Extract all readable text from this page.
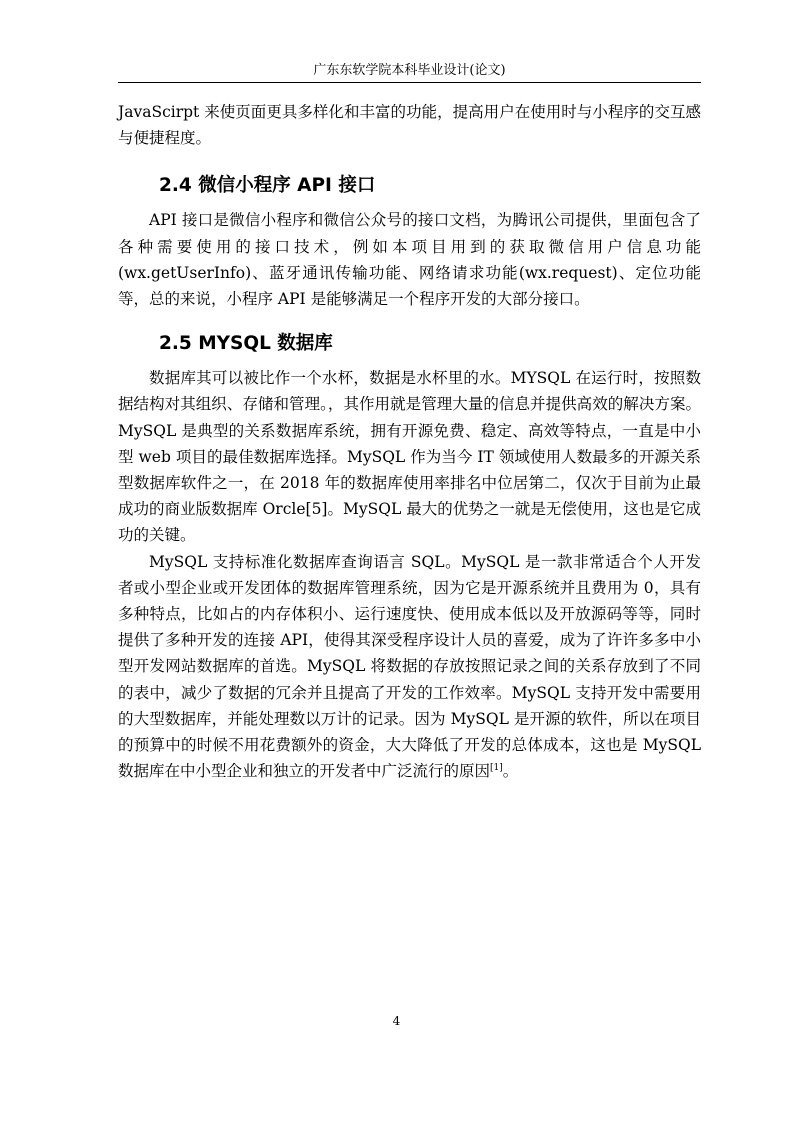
广东东软学院本科毕业设计(论文)

JavaScirpt 来使页面更具多样化和丰富的功能，提高用户在使用时与小程序的交互感与便捷程度。

2.4 微信小程序 API 接口

API 接口是微信小程序和微信公众号的接口文档，为腾讯公司提供，里面包含了各种需要使用的接口技术，例如本项目用到的获取微信用户信息功能(wx.getUserInfo)、蓝牙通讯传输功能、网络请求功能(wx.request)、定位功能等，总的来说，小程序 API 是能够满足一个程序开发的大部分接口。

2.5 MYSQL 数据库

数据库其可以被比作一个水杯，数据是水杯里的水。MYSQL 在运行时，按照数据结构对其组织、存储和管理。，其作用就是管理大量的信息并提供高效的解决方案。MySQL 是典型的关系数据库系统，拥有开源免费、稳定、高效等特点，一直是中小型 web 项目的最佳数据库选择。MySQL 作为当今 IT 领域使用人数最多的开源关系型数据库软件之一，在 2018 年的数据库使用率排名中位居第二，仅次于目前为止最成功的商业版数据库 Orcle[5]。MySQL 最大的优势之一就是无偿使用，这也是它成功的关键。

MySQL 支持标准化数据库查询语言 SQL。MySQL 是一款非常适合个人开发者或小型企业或开发团体的数据库管理系统，因为它是开源系统并且费用为 0，具有多种特点，比如占的内存体积小、运行速度快、使用成本低以及开放源码等等，同时提供了多种开发的连接 API，使得其深受程序设计人员的喜爱，成为了许许多多中小型开发网站数据库的首选。MySQL 将数据的存放按照记录之间的关系存放到了不同的表中，减少了数据的冗余并且提高了开发的工作效率。MySQL 支持开发中需要用的大型数据库，并能处理数以万计的记录。因为 MySQL 是开源的软件，所以在项目的预算中的时候不用花费额外的资金，大大降低了开发的总体成本，这也是 MySQL 数据库在中小型企业和独立的开发者中广泛流行的原因[1]。

4
